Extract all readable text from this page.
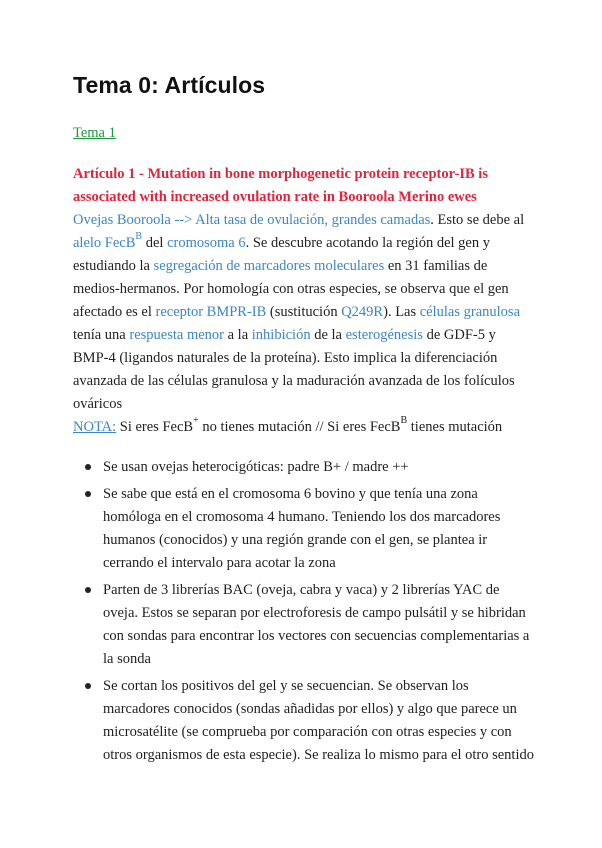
Tema 0: Artículos
Tema 1
Artículo 1 - Mutation in bone morphogenetic protein receptor-IB is associated with increased ovulation rate in Booroola Merino ewes
Ovejas Booroola --> Alta tasa de ovulación, grandes camadas. Esto se debe al alelo FecB$^B$ del cromosoma 6. Se descubre acotando la región del gen y estudiando la segregación de marcadores moleculares en 31 familias de medios-hermanos. Por homología con otras especies, se observa que el gen afectado es el receptor BMPR-IB (sustitución Q249R). Las células granulosa tenía una respuesta menor a la inhibición de la esterogénesis de GDF-5 y BMP-4 (ligandos naturales de la proteína). Esto implica la diferenciación avanzada de las células granulosa y la maduración avanzada de los folículos ováricos
NOTA: Si eres FecB+ no tienes mutación // Si eres FecB$^B$ tienes mutación
Se usan ovejas heterocigóticas: padre B+ / madre ++
Se sabe que está en el cromosoma 6 bovino y que tenía una zona homóloga en el cromosoma 4 humano. Teniendo los dos marcadores humanos (conocidos) y una región grande con el gen, se plantea ir cerrando el intervalo para acotar la zona
Parten de 3 librerías BAC (oveja, cabra y vaca) y 2 librerías YAC de oveja. Estos se separan por electroforesis de campo pulsátil y se hibridan con sondas para encontrar los vectores con secuencias complementarias a la sonda
Se cortan los positivos del gel y se secuencian. Se observan los marcadores conocidos (sondas añadidas por ellos) y algo que parece un microsatélite (se comprueba por comparación con otras especies y con otros organismos de esta especie). Se realiza lo mismo para el otro sentido
